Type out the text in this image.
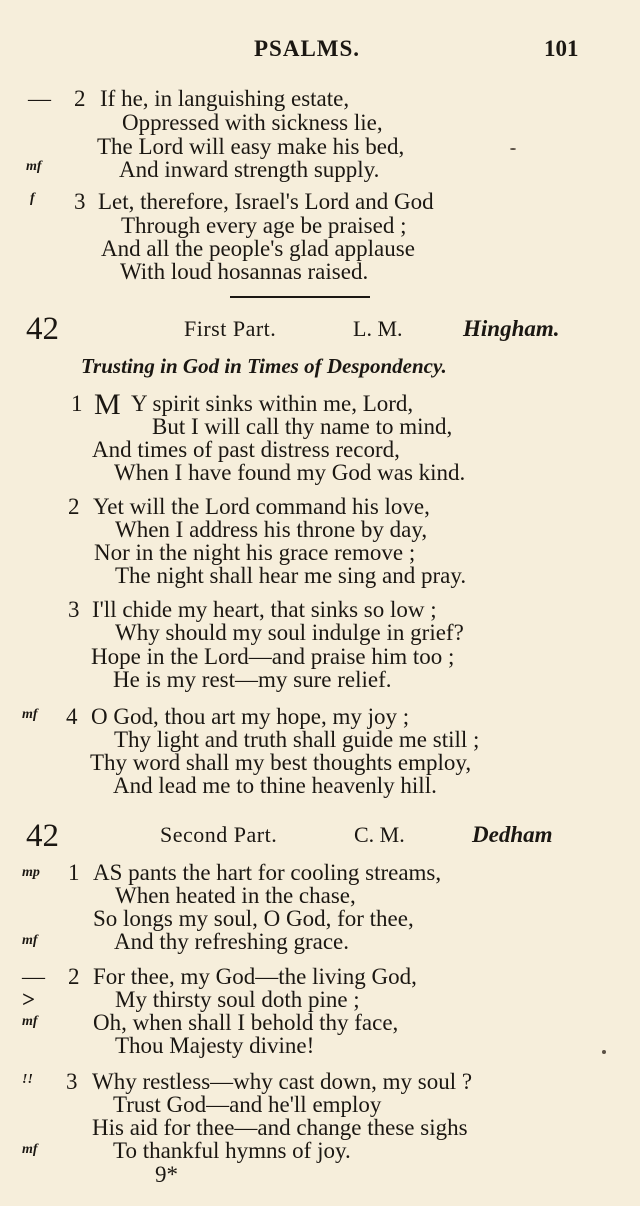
PSALMS.	101
— 2 If he, in languishing estate,
Oppressed with sickness lie,
The Lord will easy make his bed,
mf	And inward strength supply.
f 3 Let, therefore, Israel's Lord and God
Through every age be praised ;
And all the people's glad applause
With loud hosannas raised.
42	First Part.	L. M.	Hingham.
Trusting in God in Times of Despondency.
1 M Y spirit sinks within me, Lord,
But I will call thy name to mind,
And times of past distress record,
When I have found my God was kind.
2 Yet will the Lord command his love,
When I address his throne by day,
Nor in the night his grace remove ;
The night shall hear me sing and pray.
3 I'll chide my heart, that sinks so low ;
Why should my soul indulge in grief?
Hope in the Lord—and praise him too ;
He is my rest—my sure relief.
mf 4 O God, thou art my hope, my joy ;
Thy light and truth shall guide me still ;
Thy word shall my best thoughts employ,
And lead me to thine heavenly hill.
42	Second Part.	C. M.	Dedham
mp 1 AS pants the hart for cooling streams,
When heated in the chase,
So longs my soul, O God, for thee,
mf	And thy refreshing grace.
— 2 For thee, my God—the living God,
>	My thirsty soul doth pine ;
mf Oh, when shall I behold thy face,
Thou Majesty divine!
!! 3 Why restless—why cast down, my soul ?
Trust God—and he'll employ
His aid for thee—and change these sighs
mf	To thankful hymns of joy.
9*
